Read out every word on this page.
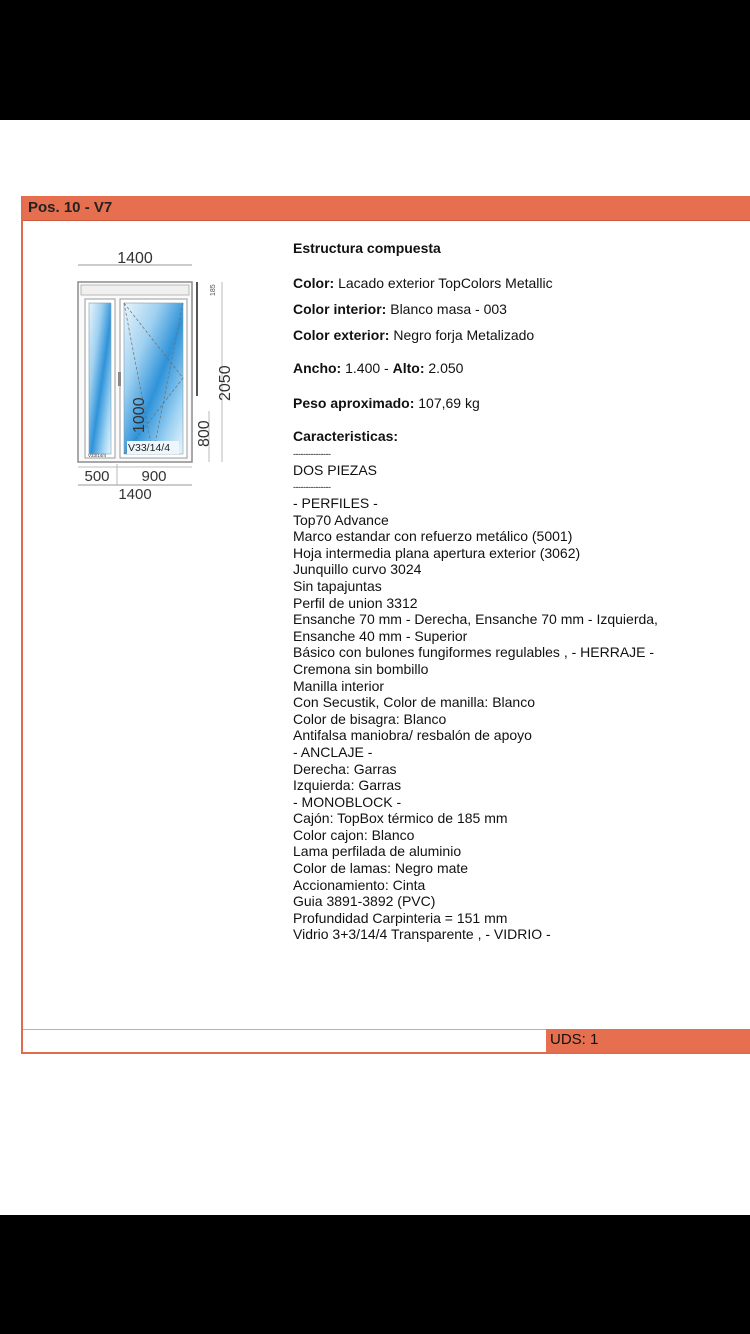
Pos. 10 - V7
UDS: 1
1400
185
2050
1000
800
V33/14/4
V33/14/4
500 900
1400
Estructura compuesta
Color: Lacado exterior TopColors Metallic
Color interior: Blanco masa - 003
Color exterior: Negro forja Metalizado
Ancho: 1.400 - Alto: 2.050
Peso aproximado: 107,69 kg
Caracteristicas:
---------------
DOS PIEZAS
---------------
- PERFILES -
Top70 Advance
Marco estandar con refuerzo metálico (5001)
Hoja intermedia plana apertura exterior (3062)
Junquillo curvo 3024
Sin tapajuntas
Perfil de union 3312
Ensanche 70 mm - Derecha, Ensanche 70 mm - Izquierda,
Ensanche 40 mm - Superior
Básico con bulones fungiformes regulables , - HERRAJE -
Cremona sin bombillo
Manilla interior
Con Secustik, Color de manilla: Blanco
Color de bisagra: Blanco
Antifalsa maniobra/ resbalón de apoyo
- ANCLAJE -
Derecha: Garras
Izquierda: Garras
- MONOBLOCK -
Cajón: TopBox térmico de 185 mm
Color cajon: Blanco
Lama perfilada de aluminio
Color de lamas: Negro mate
Accionamiento: Cinta
Guia 3891-3892 (PVC)
Profundidad Carpinteria = 151 mm
Vidrio 3+3/14/4 Transparente , - VIDRIO -
